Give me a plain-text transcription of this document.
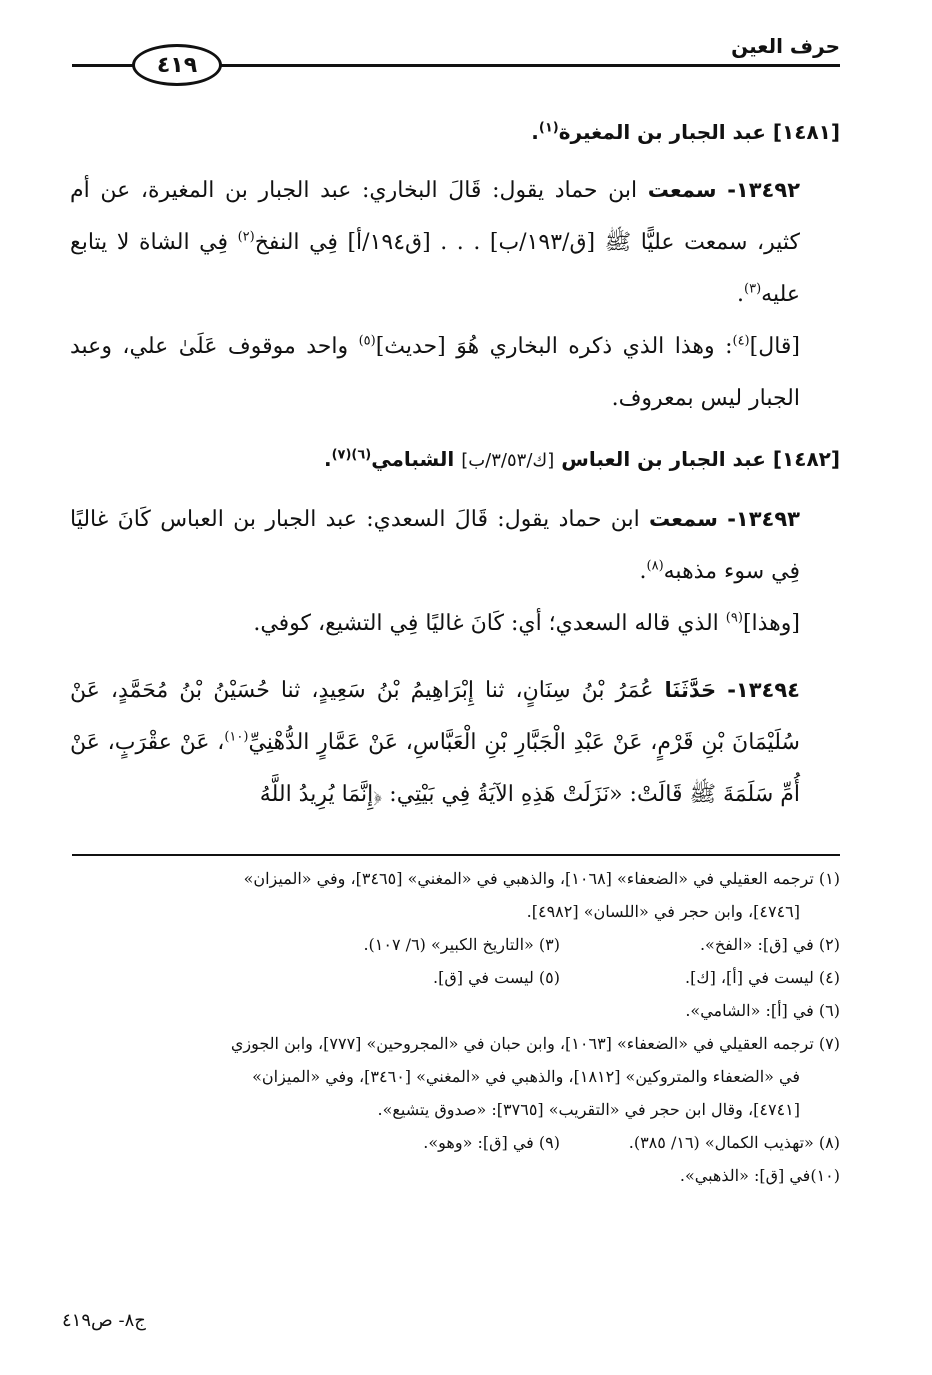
حرف العين
٤١٩

[١٤٨١] عبد الجبار بن المغيرة$^{(١)}$.

١٣٤٩٢- سمعت ابن حماد يقول: قَالَ البخاري: عبد الجبار بن المغيرة، عن أم كثير، سمعت عليًّا ﷺ [ق/١٩٣/ب] . . . [ق١٩٤/أ] فِي النفخ$^{(٢)}$ فِي الشاة لا يتابع عليه$^{(٣)}$.

[قال]$^{(٤)}$: وهذا الذي ذكره البخاري هُوَ [حديث]$^{(٥)}$ واحد موقوف عَلَىٰ علي، وعبد الجبار ليس بمعروف.

[١٤٨٢] عبد الجبار بن العباس [ك/٣/٥٣/ب] الشبامي$^{(٦)(٧)}$.

١٣٤٩٣- سمعت ابن حماد يقول: قَالَ السعدي: عبد الجبار بن العباس كَانَ غاليًا فِي سوء مذهبه$^{(٨)}$.

[وهذا]$^{(٩)}$ الذي قاله السعدي؛ أي: كَانَ غاليًا فِي التشيع، كوفي.

١٣٤٩٤- حَدَّثَنَا عُمَرُ بْنُ سِنَانٍ، ثنا إِبْرَاهِيمُ بْنُ سَعِيدٍ، ثنا حُسَيْنُ بْنُ مُحَمَّدٍ، عَنْ سُلَيْمَانَ بْنِ قَرْمٍ، عَنْ عَبْدِ الْجَبَّارِ بْنِ الْعَبَّاسِ، عَنْ عَمَّارٍ الدُّهْنِيِّ$^{(١٠)}$، عَنْ عقْرَبٍ، عَنْ أُمِّ سَلَمَةَ ﷺ قَالَتْ: «نَزَلَتْ هَذِهِ الآيَةُ فِي بَيْتِي: ﴿إِنَّمَا يُرِيدُ اللَّهُ

(١) ترجمه العقيلي في «الضعفاء» [١٠٦٨]، والذهبي في «المغني» [٣٤٦٥]، وفي «الميزان»

[٤٧٤٦]، وابن حجر في «اللسان» [٤٩٨٢].

(٢) في [ق]: «الفخ».
(٣) «التاريخ الكبير» (٦/ ١٠٧).
(٤) ليست في [أ]، [ك].
(٥) ليست في [ق].

(٦) في [أ]: «الشامي».

(٧) ترجمه العقيلي في «الضعفاء» [١٠٦٣]، وابن حبان في «المجروحين» [٧٧٧]، وابن الجوزي

في «الضعفاء والمتروكين» [١٨١٢]، والذهبي في «المغني» [٣٤٦٠]، وفي «الميزان»

[٤٧٤١]، وقال ابن حجر في «التقريب» [٣٧٦٥]: «صدوق يتشيع».

(٨) «تهذيب الكمال» (١٦/ ٣٨٥).
(٩) في [ق]: «وهو».

(١٠)في [ق]: «الذهبي».

ج٨- ص٤١٩
